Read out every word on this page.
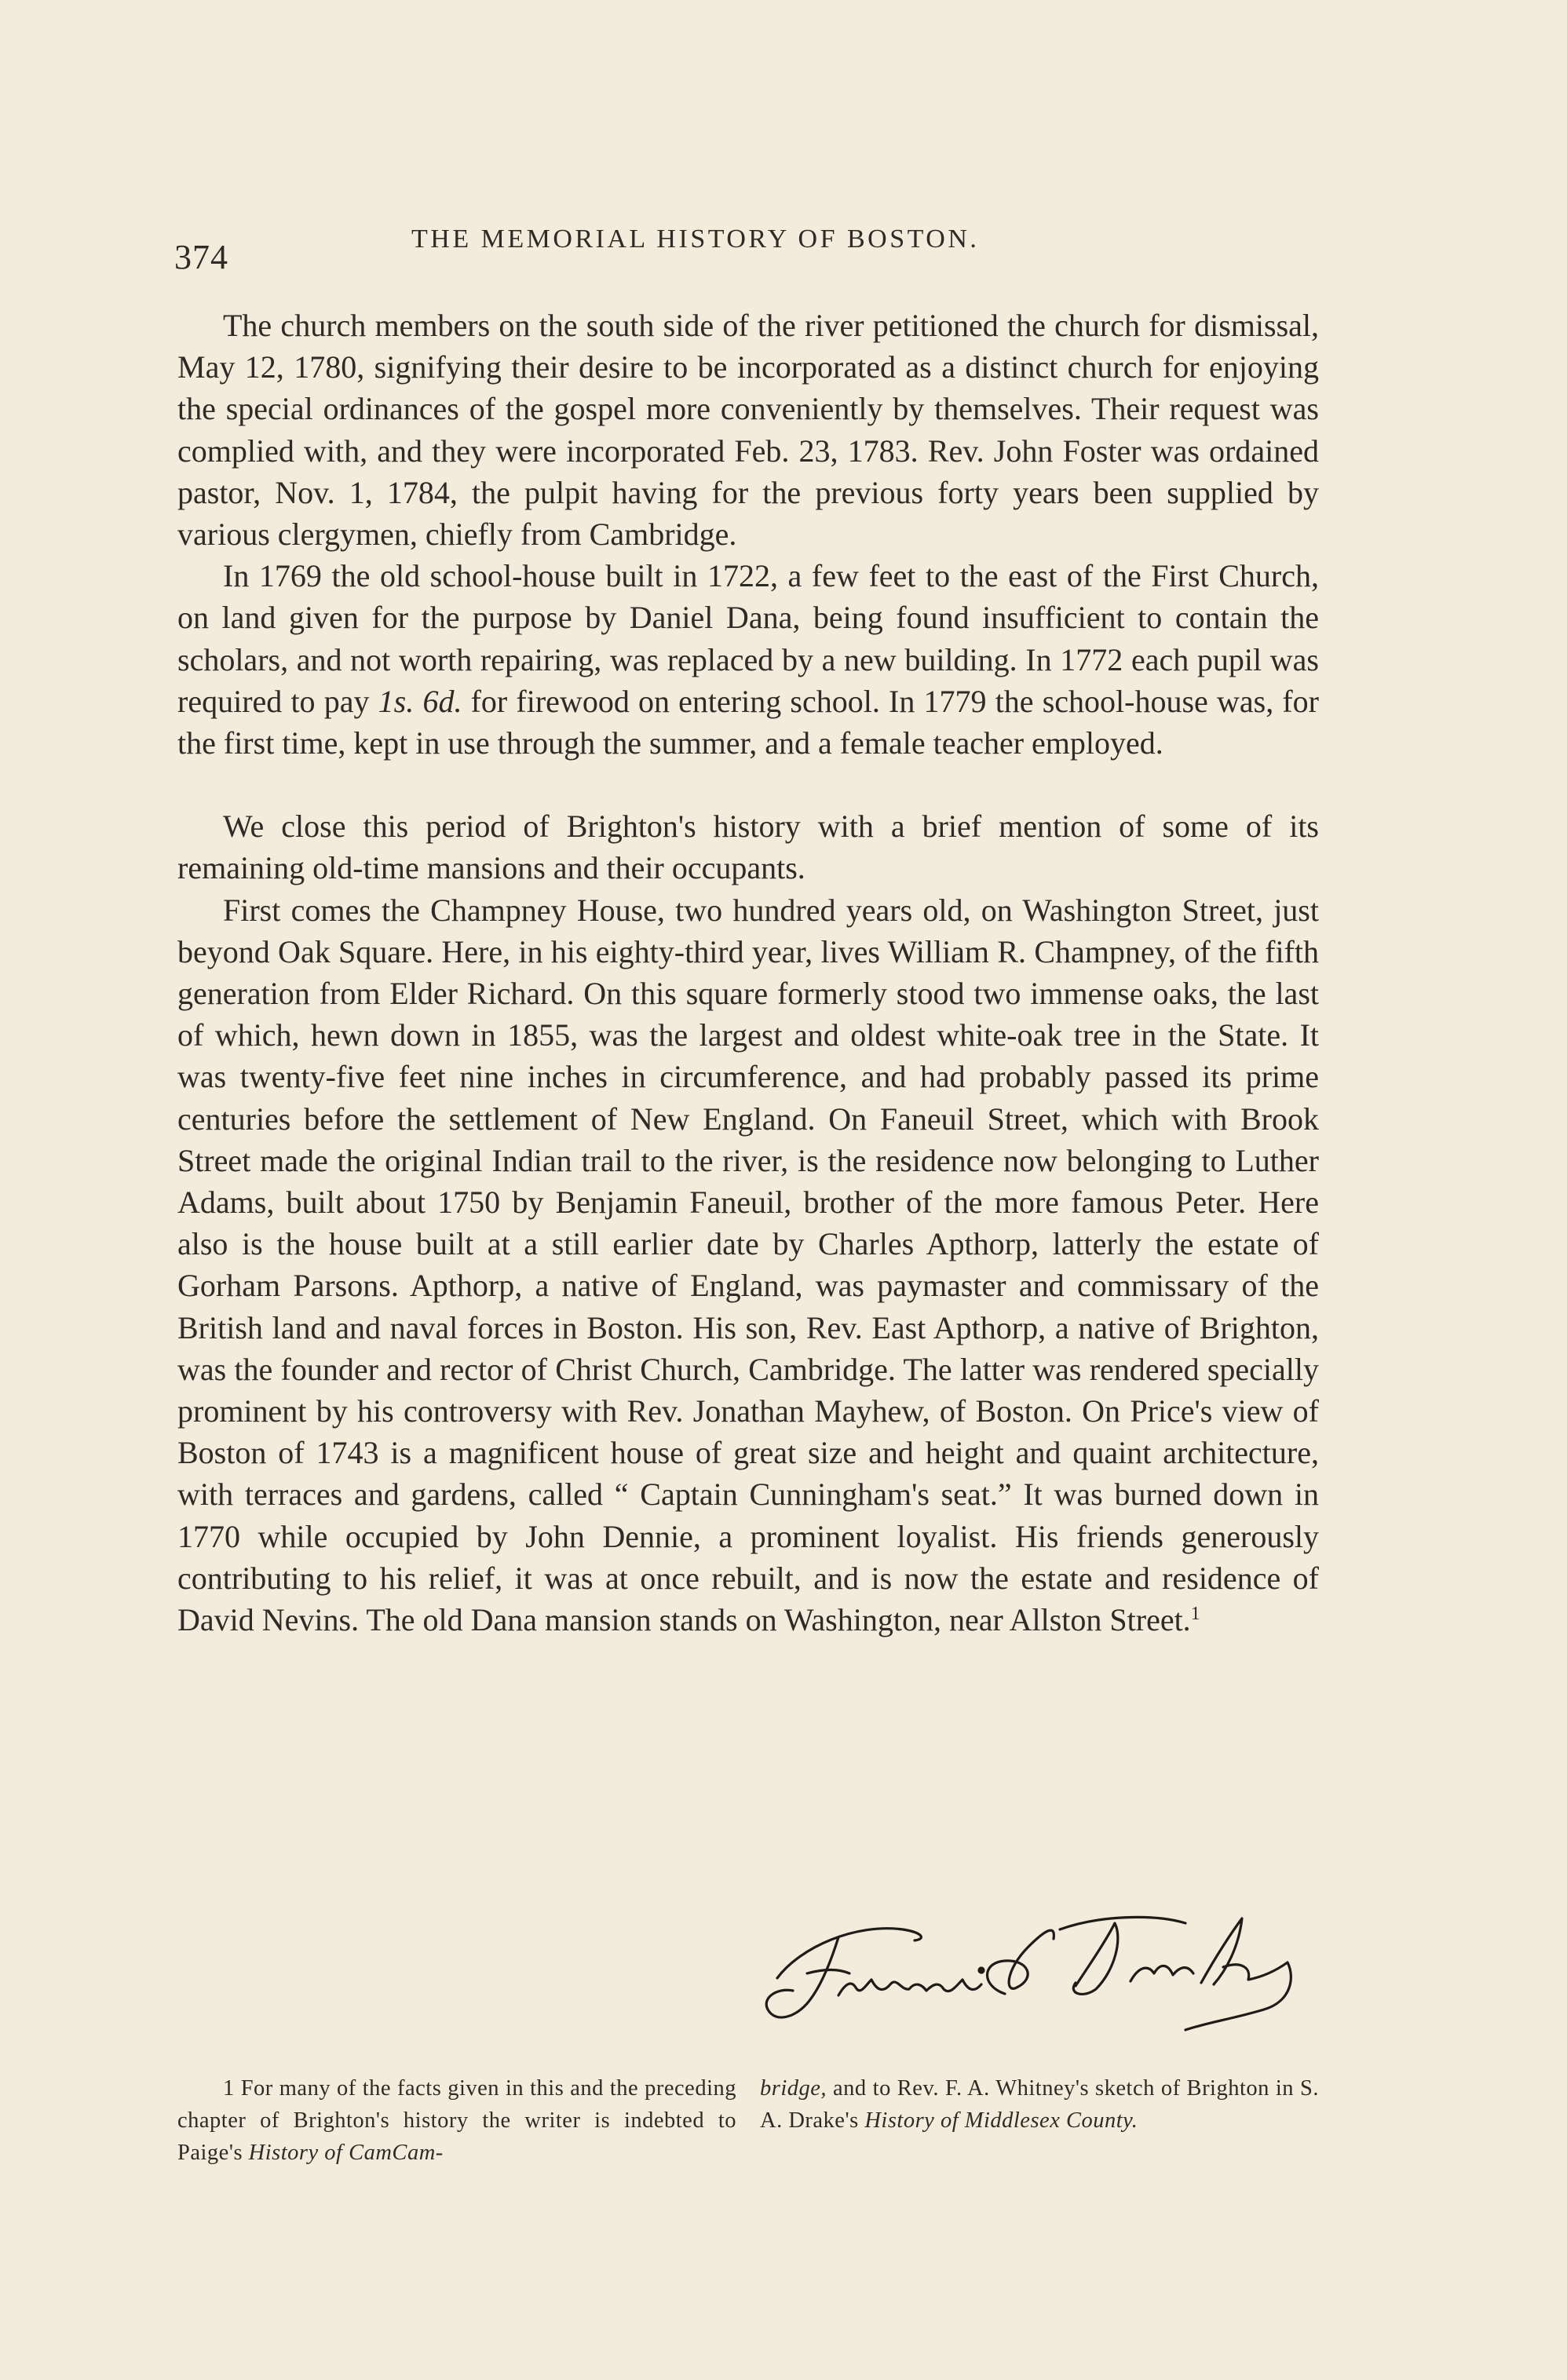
374	THE MEMORIAL HISTORY OF BOSTON.

The church members on the south side of the river petitioned the church for dismissal, May 12, 1780, signifying their desire to be incorporated as a distinct church for enjoying the special ordinances of the gospel more conveniently by themselves. Their request was complied with, and they were incorporated Feb. 23, 1783. Rev. John Foster was ordained pastor, Nov. 1, 1784, the pulpit having for the previous forty years been supplied by various clergymen, chiefly from Cambridge.

In 1769 the old school-house built in 1722, a few feet to the east of the First Church, on land given for the purpose by Daniel Dana, being found insufficient to contain the scholars, and not worth repairing, was replaced by a new building. In 1772 each pupil was required to pay 1s. 6d. for firewood on entering school. In 1779 the school-house was, for the first time, kept in use through the summer, and a female teacher employed.

We close this period of Brighton's history with a brief mention of some of its remaining old-time mansions and their occupants.

First comes the Champney House, two hundred years old, on Washington Street, just beyond Oak Square. Here, in his eighty-third year, lives William R. Champney, of the fifth generation from Elder Richard. On this square formerly stood two immense oaks, the last of which, hewn down in 1855, was the largest and oldest white-oak tree in the State. It was twenty-five feet nine inches in circumference, and had probably passed its prime centuries before the settlement of New England. On Faneuil Street, which with Brook Street made the original Indian trail to the river, is the residence now belonging to Luther Adams, built about 1750 by Benjamin Faneuil, brother of the more famous Peter. Here also is the house built at a still earlier date by Charles Apthorp, latterly the estate of Gorham Parsons. Apthorp, a native of England, was paymaster and commissary of the British land and naval forces in Boston. His son, Rev. East Apthorp, a native of Brighton, was the founder and rector of Christ Church, Cambridge. The latter was rendered specially prominent by his controversy with Rev. Jonathan Mayhew, of Boston. On Price's view of Boston of 1743 is a magnificent house of great size and height and quaint architecture, with terraces and gardens, called “ Captain Cunningham's seat.” It was burned down in 1770 while occupied by John Dennie, a prominent loyalist. His friends generously contributing to his relief, it was at once rebuilt, and is now the estate and residence of David Nevins. The old Dana mansion stands on Washington, near Allston Street.$^1$

1 For many of the facts given in this and the preceding chapter of Brighton's history the writer is indebted to Paige's History of CamCam-

bridge, and to Rev. F. A. Whitney's sketch of Brighton in S. A. Drake's History of Middlesex County.
